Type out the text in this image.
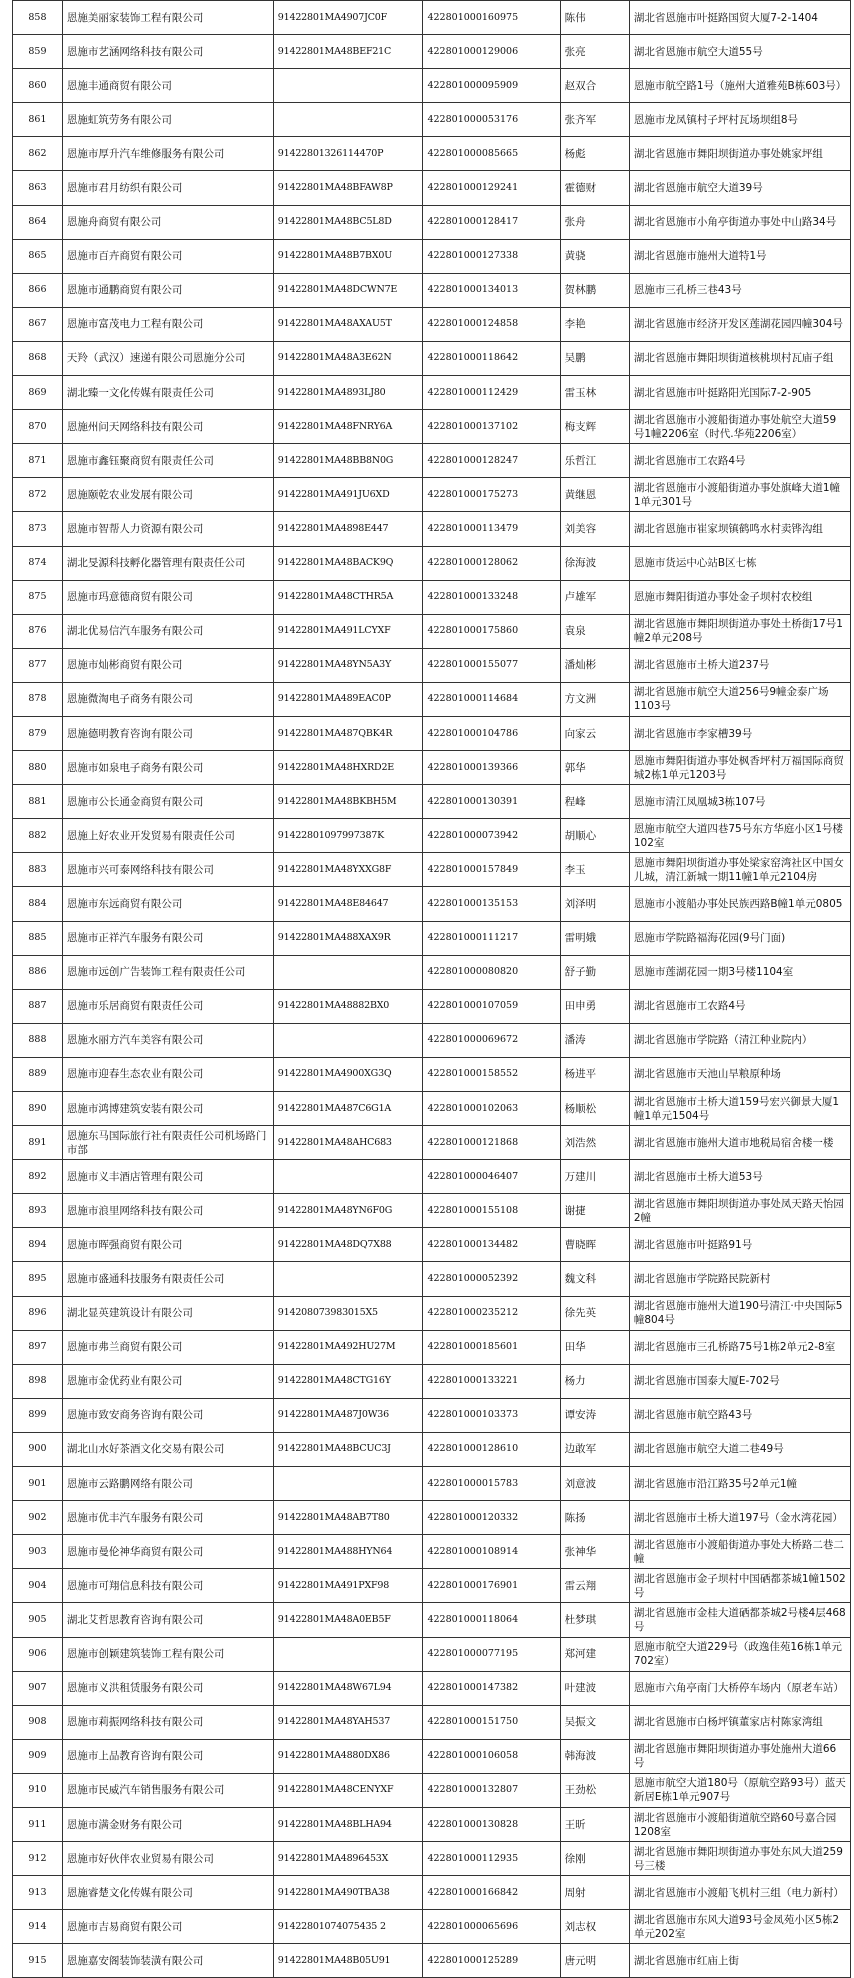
858	恩施美丽家装饰工程有限公司	91422801MA4907JC0F	422801000160975	陈伟	湖北省恩施市叶挺路国贸大厦7-2-1404
859	恩施市艺涵网络科技有限公司	91422801MA48BEF21C	422801000129006	张亮	湖北省恩施市航空大道55号
860	恩施丰通商贸有限公司		422801000095909	赵双合	恩施市航空路1号（施州大道雅苑B栋603号）
861	恩施虹筑劳务有限公司		422801000053176	张齐军	恩施市龙凤镇村子坪村瓦场坝组8号
862	恩施市厚升汽车维修服务有限公司	91422801326114470P	422801000085665	杨彪	湖北省恩施市舞阳坝街道办事处姚家坪组
863	恩施市君月纺织有限公司	91422801MA48BFAW8P	422801000129241	霍德财	湖北省恩施市航空大道39号
864	恩施舟商贸有限公司	91422801MA48BC5L8D	422801000128417	张舟	湖北省恩施市小角亭街道办事处中山路34号
865	恩施市百卉商贸有限公司	91422801MA48B7BX0U	422801000127338	黄骁	湖北省恩施市施州大道特1号
866	恩施市通鹏商贸有限公司	91422801MA48DCWN7E	422801000134013	贺林鹏	恩施市三孔桥三巷43号
867	恩施市富茂电力工程有限公司	91422801MA48AXAU5T	422801000124858	李艳	湖北省恩施市经济开发区莲湖花园四幢304号
868	天羚（武汉）速递有限公司恩施分公司	91422801MA48A3E62N	422801000118642	吴鹏	湖北省恩施市舞阳坝街道核桃坝村瓦庙子组
869	湖北臻一文化传媒有限责任公司	91422801MA4893LJ80	422801000112429	雷玉林	湖北省恩施市叶挺路阳光国际7-2-905
870	恩施州问天网络科技有限公司	91422801MA48FNRY6A	422801000137102	梅支辉	湖北省恩施市小渡船街道办事处航空大道59号1幢2206室（时代.华苑2206室）
871	恩施市鑫钰聚商贸有限责任公司	91422801MA48BB8N0G	422801000128247	乐哲江	湖北省恩施市工农路4号
872	恩施颐乾农业发展有限公司	91422801MA491JU6XD	422801000175273	黄继恩	湖北省恩施市小渡船街道办事处旗峰大道1幢1单元301号
873	恩施市智帮人力资源有限公司	91422801MA4898E447	422801000113479	刘美容	湖北省恩施市崔家坝镇鹤鸣水村卖铧沟组
874	湖北旻源科技孵化器管理有限责任公司	91422801MA48BACK9Q	422801000128062	徐海波	恩施市货运中心站B区七栋
875	恩施市玛意德商贸有限公司	91422801MA48CTHR5A	422801000133248	卢雄军	恩施市舞阳街道办事处金子坝村农校组
876	湖北优易信汽车服务有限公司	91422801MA491LCYXF	422801000175860	袁泉	湖北省恩施市舞阳坝街道办事处土桥街17号1幢2单元208号
877	恩施市灿彬商贸有限公司	91422801MA48YN5A3Y	422801000155077	潘灿彬	湖北省恩施市土桥大道237号
878	恩施微淘电子商务有限公司	91422801MA489EAC0P	422801000114684	方文洲	湖北省恩施市航空大道256号9幢金泰广场1103号
879	恩施德明教育咨询有限公司	91422801MA487QBK4R	422801000104786	向家云	湖北省恩施市李家槽39号
880	恩施市如泉电子商务有限公司	91422801MA48HXRD2E	422801000139366	郭华	恩施市舞阳街道办事处枫香坪村万福国际商贸城2栋1单元1203号
881	恩施市公长通金商贸有限公司	91422801MA48BKBH5M	422801000130391	程峰	恩施市清江凤凰城3栋107号
882	恩施上好农业开发贸易有限责任公司	91422801097997387K	422801000073942	胡顺心	恩施市航空大道四巷75号东方华庭小区1号楼102室
883	恩施市兴可泰网络科技有限公司	91422801MA48YXXG8F	422801000157849	李玉	恩施市舞阳坝街道办事处梁家窑湾社区中国女儿城，清江新城一期11幢1单元2104房
884	恩施市东远商贸有限公司	91422801MA48E84647	422801000135153	刘泽明	恩施市小渡船办事处民族西路B幢1单元0805
885	恩施市正祥汽车服务有限公司	91422801MA488XAX9R	422801000111217	雷明娥	恩施市学院路福海花园(9号门面)
886	恩施市远创广告装饰工程有限责任公司		422801000080820	舒子勤	恩施市莲湖花园一期3号楼1104室
887	恩施市乐居商贸有限责任公司	91422801MA48882BX0	422801000107059	田申勇	湖北省恩施市工农路4号
888	恩施水丽方汽车美容有限公司		422801000069672	潘涛	湖北省恩施市学院路（清江种业院内）
889	恩施市迎春生态农业有限公司	91422801MA4900XG3Q	422801000158552	杨进平	湖北省恩施市天池山旱粮原种场
890	恩施市鸿博建筑安装有限公司	91422801MA487C6G1A	422801000102063	杨顺松	湖北省恩施市土桥大道159号宏兴御景大厦1幢1单元1504号
891	恩施东马国际旅行社有限责任公司机场路门市部	91422801MA48AHC683	422801000121868	刘浩然	湖北省恩施市施州大道市地税局宿舍楼一楼
892	恩施市义丰酒店管理有限公司		422801000046407	万建川	湖北省恩施市土桥大道53号
893	恩施市浪里网络科技有限公司	91422801MA48YN6F0G	422801000155108	谢捷	湖北省恩施市舞阳坝街道办事处凤天路天怡园2幢
894	恩施市晖强商贸有限公司	91422801MA48DQ7X88	422801000134482	曹晓晖	湖北省恩施市叶挺路91号
895	恩施市盛通科技服务有限责任公司		422801000052392	魏文科	湖北省恩施市学院路民院新村
896	湖北显英建筑设计有限公司	914208073983015X5	422801000235212	徐先英	湖北省恩施市施州大道190号清江·中央国际5幢804号
897	恩施市弗兰商贸有限公司	91422801MA492HU27M	422801000185601	田华	湖北省恩施市三孔桥路75号1栋2单元2-8室
898	恩施市金优药业有限公司	91422801MA48CTG16Y	422801000133221	杨力	湖北省恩施市国泰大厦E-702号
899	恩施市致安商务咨询有限公司	91422801MA487J0W36	422801000103373	谭安涛	湖北省恩施市航空路43号
900	湖北山水好茶酒文化交易有限公司	91422801MA48BCUC3J	422801000128610	边敢军	湖北省恩施市航空大道二巷49号
901	恩施市云路鹏网络有限公司		422801000015783	刘意波	湖北省恩施市沿江路35号2单元1幢
902	恩施市优丰汽车服务有限公司	91422801MA48AB7T80	422801000120332	陈扬	湖北省恩施市土桥大道197号（金水湾花园）
903	恩施市曼伦神华商贸有限公司	91422801MA488HYN64	422801000108914	张神华	湖北省恩施市小渡船街道办事处大桥路二巷二幢
904	恩施市可翔信息科技有限公司	91422801MA491PXF98	422801000176901	雷云翔	湖北省恩施市金子坝村中国硒都茶城1幢1502号
905	湖北艾哲思教育咨询有限公司	91422801MA48A0EB5F	422801000118064	杜梦琪	湖北省恩施市金桂大道硒都茶城2号楼4层468号
906	恩施市创颖建筑装饰工程有限公司		422801000077195	郑河建	恩施市航空大道229号（政逸佳苑16栋1单元702室）
907	恩施市义洪租赁服务有限公司	91422801MA48W67L94	422801000147382	叶建波	恩施市六角亭南门大桥停车场内（原老车站）
908	恩施市莉振网络科技有限公司	91422801MA48YAH537	422801000151750	吴振文	湖北省恩施市白杨坪镇董家店村陈家湾组
909	恩施市上品教育咨询有限公司	91422801MA4880DX86	422801000106058	韩海波	湖北省恩施市舞阳坝街道办事处施州大道66号
910	恩施市民威汽车销售服务有限公司	91422801MA48CENYXF	422801000132807	王劲松	恩施市航空大道180号（原航空路93号）蓝天新居E栋1单元907号
911	恩施市满金财务有限公司	91422801MA48BLHA94	422801000130828	王昕	湖北省恩施市小渡船街道航空路60号嘉合园1208室
912	恩施市好伙伴农业贸易有限公司	91422801MA4896453X	422801000112935	徐刚	湖北省恩施市舞阳坝街道办事处东风大道259号三楼
913	恩施睿楚文化传媒有限公司	91422801MA490TBA38	422801000166842	周射	湖北省恩施市小渡船飞机村三组（电力新村）
914	恩施市吉易商贸有限公司	91422801074075435 2	422801000065696	刘志权	湖北省恩施市东风大道93号金凤苑小区5栋2单元202室
915	恩施嘉安阁装饰装潢有限公司	91422801MA48B05U91	422801000125289	唐元明	湖北省恩施市红庙上街
